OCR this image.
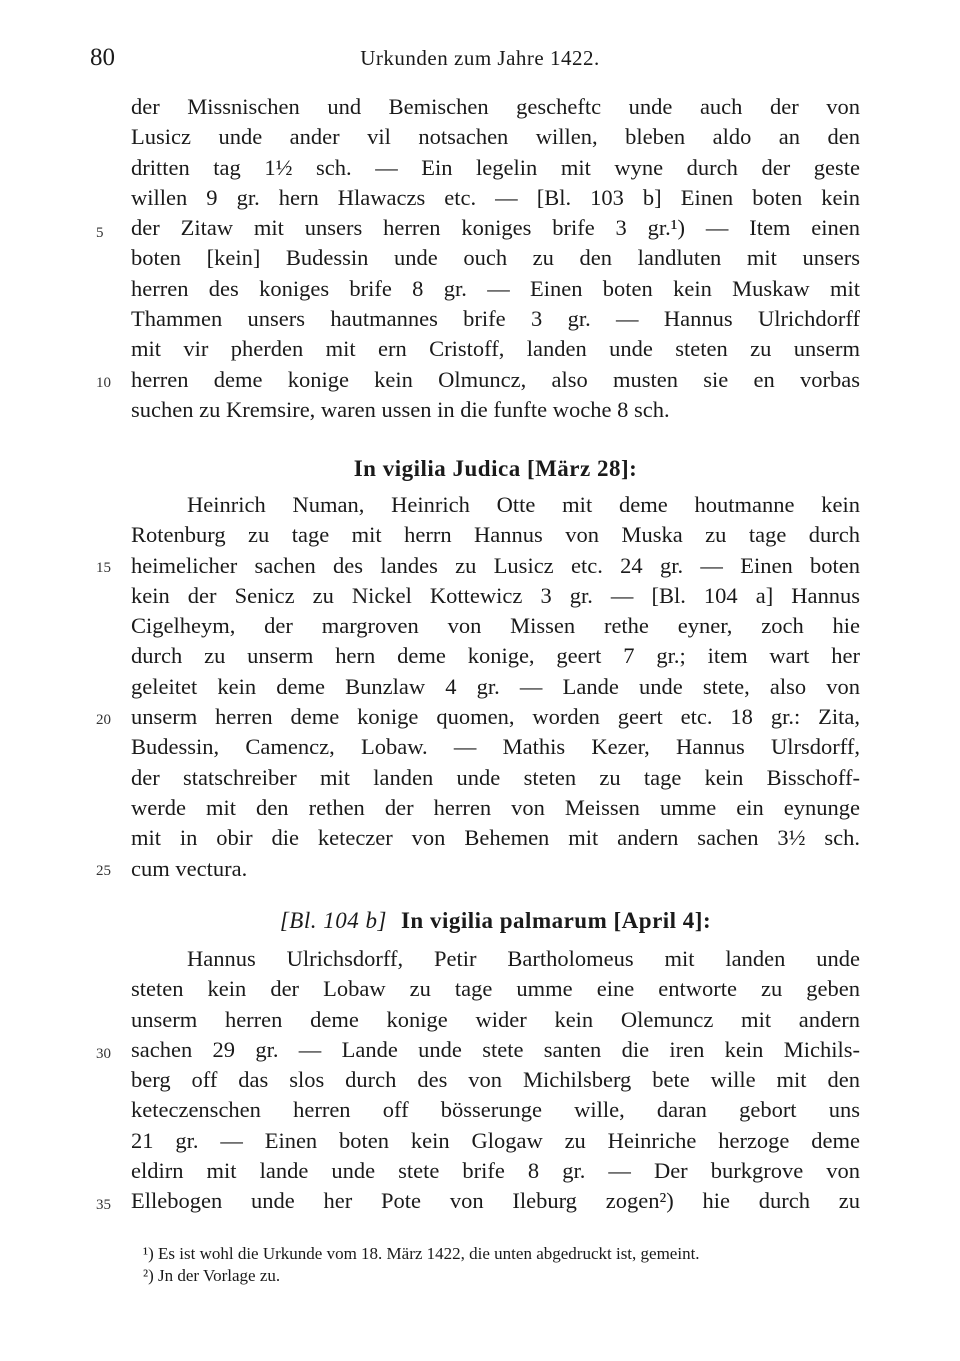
80	Urkunden zum Jahre 1422.
5
10
15
20
25
30
35
der Missnischen und Bemischen gescheftc unde auch der von
Lusicz unde ander vil notsachen willen, bleben aldo an den
dritten tag 1½ sch. — Ein legelin mit wyne durch der geste
willen 9 gr. hern Hlawaczs etc. — [Bl. 103 b] Einen boten kein
der Zitaw mit unsers herren koniges brife 3 gr.¹) — Item einen
boten [kein] Budessin unde ouch zu den landluten mit unsers
herren des koniges brife 8 gr. — Einen boten kein Muskaw mit
Thammen unsers hautmannes brife 3 gr. — Hannus Ulrichdorff
mit vir pherden mit ern Cristoff, landen unde steten zu unserm
herren deme konige kein Olmuncz, also musten sie en vorbas
suchen zu Kremsire, waren ussen in die funfte woche 8 sch.
In vigilia Judica [März 28]:
Heinrich Numan, Heinrich Otte mit deme houtmanne kein
Rotenburg zu tage mit herrn Hannus von Muska zu tage durch
heimelicher sachen des landes zu Lusicz etc. 24 gr. — Einen boten
kein der Senicz zu Nickel Kottewicz 3 gr. — [Bl. 104 a] Hannus
Cigelheym, der margroven von Missen rethe eyner, zoch hie
durch zu unserm hern deme konige, geert 7 gr.; item wart her
geleitet kein deme Bunzlaw 4 gr. — Lande unde stete, also von
unserm herren deme konige quomen, worden geert etc. 18 gr.: Zita,
Budessin, Camencz, Lobaw. — Mathis Kezer, Hannus Ulrsdorff,
der statschreiber mit landen unde steten zu tage kein Bisschoff-
werde mit den rethen der herren von Meissen umme ein eynunge
mit in obir die keteczer von Behemen mit andern sachen 3½ sch.
cum vectura.
[Bl. 104 b] In vigilia palmarum [April 4]:
Hannus Ulrichsdorff, Petir Bartholomeus mit landen unde
steten kein der Lobaw zu tage umme eine entworte zu geben
unserm herren deme konige wider kein Olemuncz mit andern
sachen 29 gr. — Lande unde stete santen die iren kein Michils-
berg off das slos durch des von Michilsberg bete wille mit den
keteczenschen herren off bösserunge wille, daran gebort uns
21 gr. — Einen boten kein Glogaw zu Heinriche herzoge deme
eldirn mit lande unde stete brife 8 gr. — Der burkgrove von
Ellebogen unde her Pote von Ileburg zogen²) hie durch zu
¹) Es ist wohl die Urkunde vom 18. März 1422, die unten abgedruckt ist, gemeint.
²) Jn der Vorlage zu.
